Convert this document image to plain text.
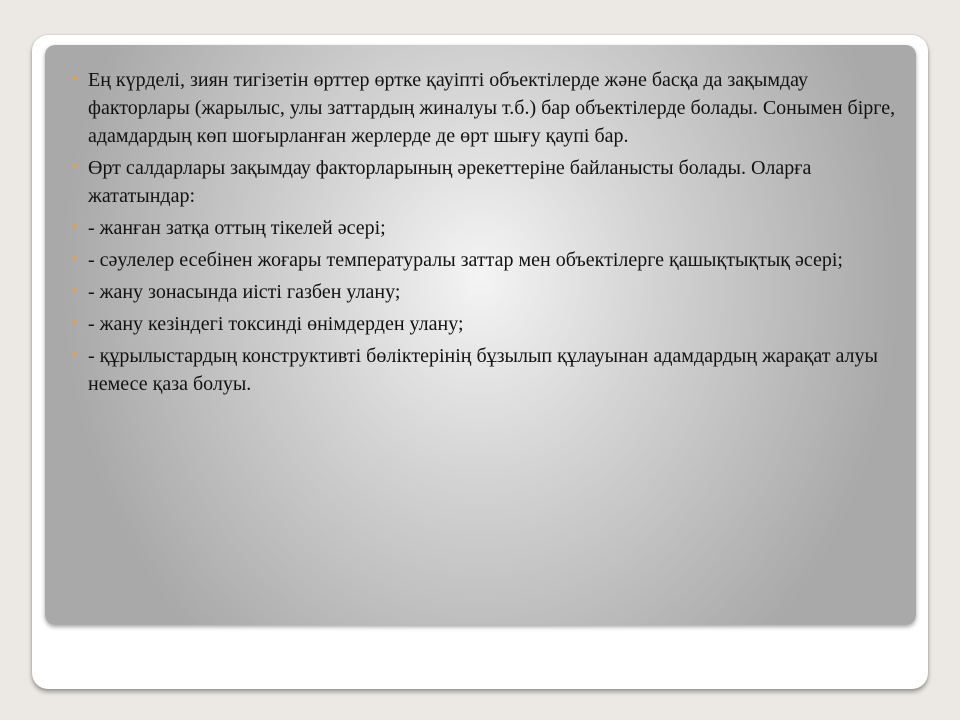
● Ең күрделі, зиян тигізетін өрттер өртке қауіпті объектілерде және басқа да зақымдау факторлары (жарылыс, улы заттардың жиналуы т.б.) бар объектілерде болады. Сонымен бірге, адамдардың көп шоғырланған жерлерде де өрт шығу қаупі бар.
● Өрт салдарлары зақымдау факторларының әрекеттеріне байланысты болады. Оларға жататындар:
● - жанған затқа оттың тікелей әсері;
● - сәулелер есебінен жоғары температуралы заттар мен объектілерге қашықтықтық әсері;
● - жану зонасында иісті газбен улану;
● - жану кезіндегі токсинді өнімдерден улану;
● - құрылыстардың конструктивті бөліктерінің бұзылып құлауынан адамдардың жарақат алуы немесе қаза болуы.
